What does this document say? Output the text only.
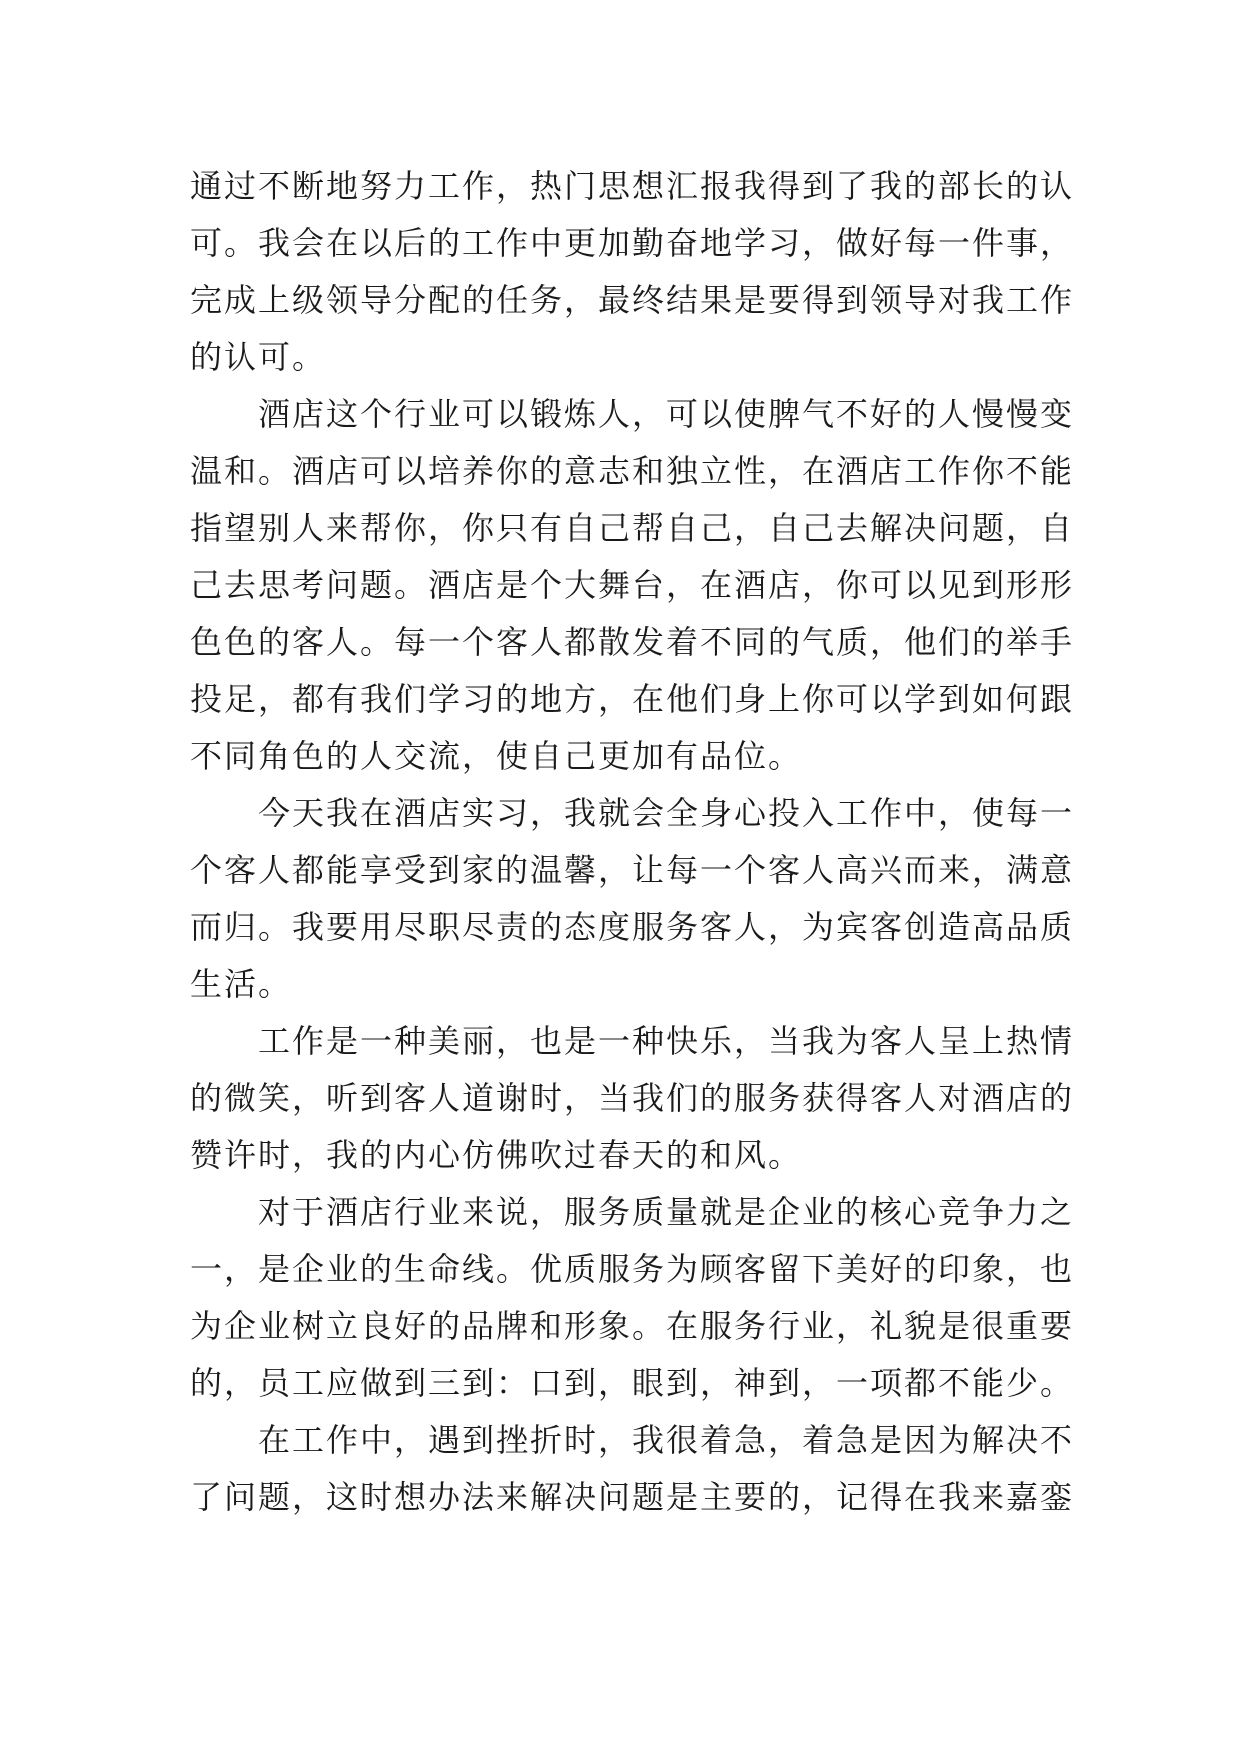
通过不断地努力工作，热门思想汇报我得到了我的部长的认可。我会在以后的工作中更加勤奋地学习，做好每一件事，完成上级领导分配的任务，最终结果是要得到领导对我工作的认可。

酒店这个行业可以锻炼人，可以使脾气不好的人慢慢变温和。酒店可以培养你的意志和独立性，在酒店工作你不能指望别人来帮你，你只有自己帮自己，自己去解决问题，自己去思考问题。酒店是个大舞台，在酒店，你可以见到形形色色的客人。每一个客人都散发着不同的气质，他们的举手投足，都有我们学习的地方，在他们身上你可以学到如何跟不同角色的人交流，使自己更加有品位。

今天我在酒店实习，我就会全身心投入工作中，使每一个客人都能享受到家的温馨，让每一个客人高兴而来，满意而归。我要用尽职尽责的态度服务客人，为宾客创造高品质生活。

工作是一种美丽，也是一种快乐，当我为客人呈上热情的微笑，听到客人道谢时，当我们的服务获得客人对酒店的赞许时，我的内心仿佛吹过春天的和风。

对于酒店行业来说，服务质量就是企业的核心竞争力之一，是企业的生命线。优质服务为顾客留下美好的印象，也为企业树立良好的品牌和形象。在服务行业，礼貌是很重要的，员工应做到三到：口到，眼到，神到，一项都不能少。

在工作中，遇到挫折时，我很着急，着急是因为解决不了问题，这时想办法来解决问题是主要的，记得在我来嘉銮
